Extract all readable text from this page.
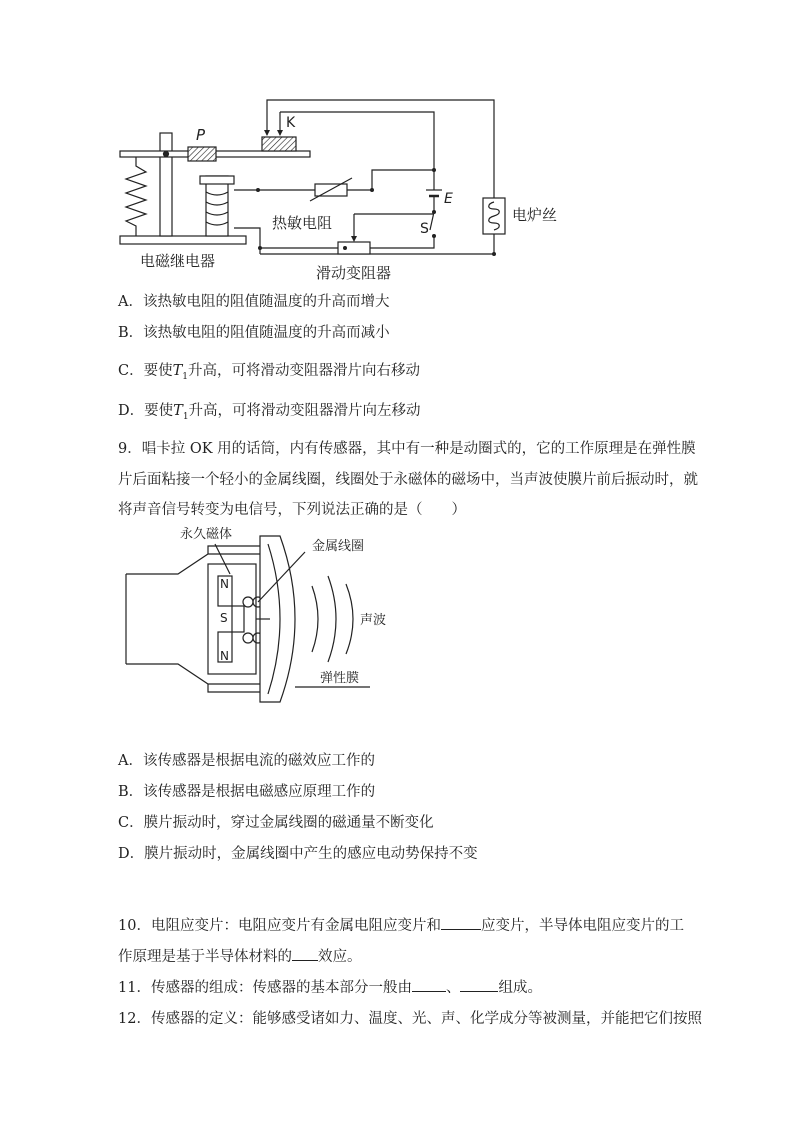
P
K
E
S
电磁继电器
热敏电阻
滑动变阻器
电炉丝
A．该热敏电阻的阻值随温度的升高而增大
B．该热敏电阻的阻值随温度的升高而减小
C．要使$T_1$升高，可将滑动变阻器滑片向右移动
D．要使$T_1$升高，可将滑动变阻器滑片向左移动
9．唱卡拉 OK 用的话筒，内有传感器，其中有一种是动圈式的，它的工作原理是在弹性膜
片后面粘接一个轻小的金属线圈，线圈处于永磁体的磁场中，当声波使膜片前后振动时，就
将声音信号转变为电信号，下列说法正确的是（　　）
永久磁体
金属线圈
声波
弹性膜
N
S
N
A．该传感器是根据电流的磁效应工作的
B．该传感器是根据电磁感应原理工作的
C．膜片振动时，穿过金属线圈的磁通量不断变化
D．膜片振动时，金属线圈中产生的感应电动势保持不变
10．电阻应变片：电阻应变片有金属电阻应变片和	应变片，半导体电阻应变片的工
作原理是基于半导体材料的 效应。
11．传感器的组成：传感器的基本部分一般由 、	组成。
12．传感器的定义：能够感受诸如力、温度、光、声、化学成分等被测量，并能把它们按照
